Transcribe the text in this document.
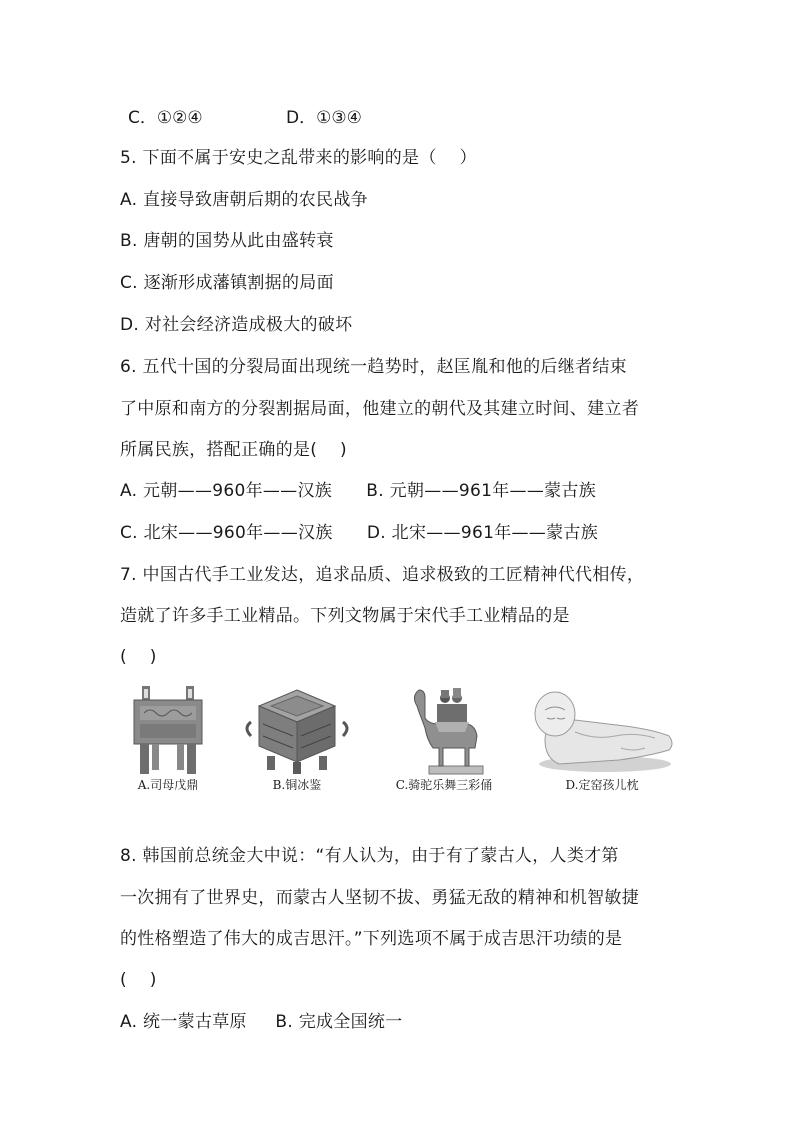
C．①②④	D．①③④
5. 下面不属于安史之乱带来的影响的是（    ）
A. 直接导致唐朝后期的农民战争
B. 唐朝的国势从此由盛转衰
C. 逐渐形成藩镇割据的局面
D. 对社会经济造成极大的破坏
6. 五代十国的分裂局面出现统一趋势时，赵匡胤和他的后继者结束
了中原和南方的分裂割据局面，他建立的朝代及其建立时间、建立者
所属民族，搭配正确的是(    )
A. 元朝——960年——汉族      B. 元朝——961年——蒙古族
C. 北宋——960年——汉族      D. 北宋——961年——蒙古族
7. 中国古代手工业发达，追求品质、追求极致的工匠精神代代相传，
造就了许多手工业精品。下列文物属于宋代手工业精品的是
(    )
A.司母戊鼎	B.铜冰鉴	C.骑驼乐舞三彩俑	D.定窑孩儿枕
8. 韩国前总统金大中说：“有人认为，由于有了蒙古人，人类才第
一次拥有了世界史，而蒙古人坚韧不拔、勇猛无敌的精神和机智敏捷
的性格塑造了伟大的成吉思汗。”下列选项不属于成吉思汗功绩的是
(    )
A. 统一蒙古草原     B. 完成全国统一
